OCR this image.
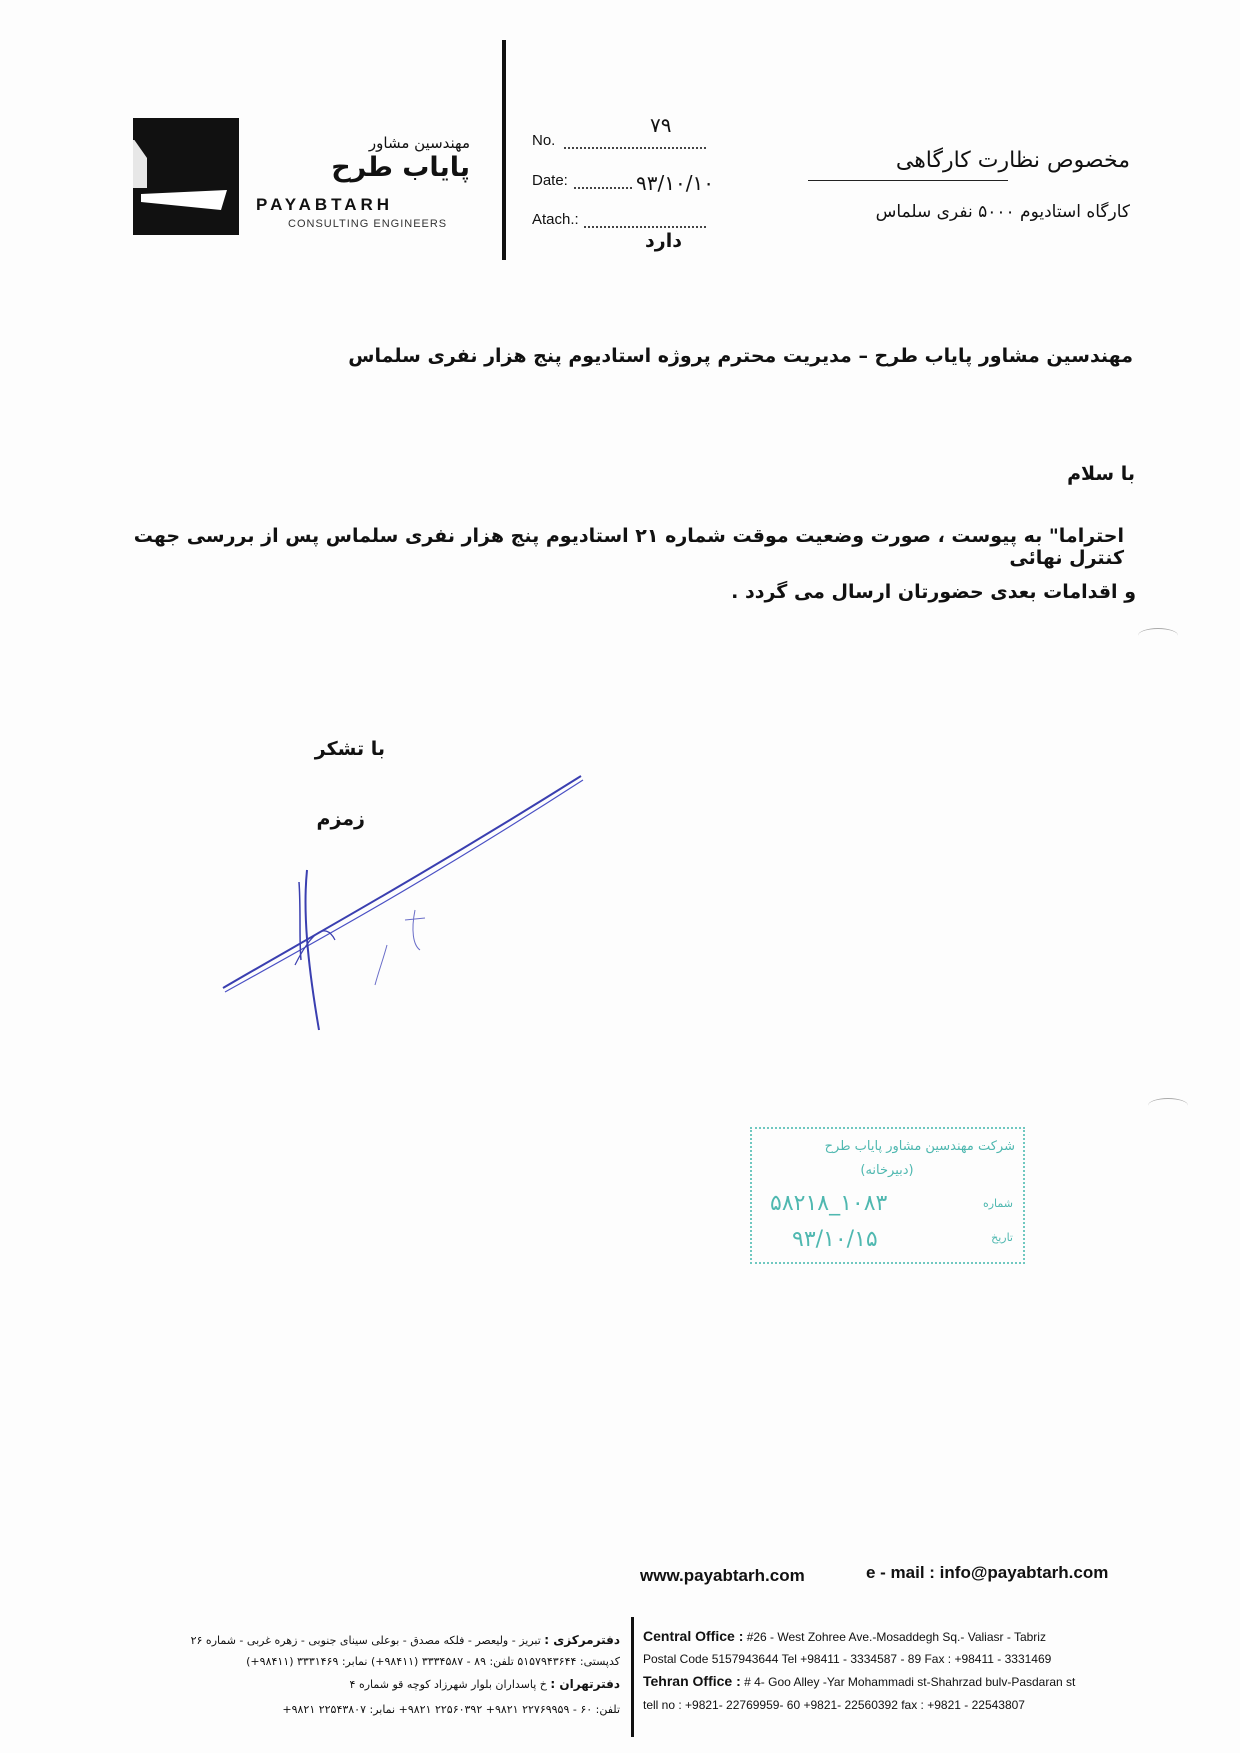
مهندسین مشاور
پایاب طرح
PAYABTARH
CONSULTING ENGINEERS
No.
۷۹
Date:	۹۳/۱۰/۱۰
Atach.:
دارد
مخصوص نظارت کارگاهی
کارگاه استادیوم ۵۰۰۰ نفری سلماس
مهندسین مشاور پایاب طرح – مدیریت محترم پروژه استادیوم پنج هزار نفری سلماس
با سلام
احتراما" به پیوست ، صورت وضعیت موقت شماره ۲۱ استادیوم پنج هزار نفری سلماس پس از بررسی جهت کنترل نهائی
و اقدامات بعدی حضورتان ارسال می گردد .
با تشکر
زمزم
شرکت مهندسین مشاور پایاب طرح
(دبیرخانه)
۱۰۸۳_۵۸۲۱۸
۹۳/۱۰/۱۵
شماره
تاریخ
www.payabtarh.com	e - mail : info@payabtarh.com
Central Office : #26 - West Zohree Ave.-Mosaddegh Sq.- Valiasr - Tabriz
Postal Code 5157943644 Tel +98411 - 3334587 - 89 Fax : +98411 - 3331469
Tehran Office : # 4- Goo Alley -Yar Mohammadi st-Shahrzad bulv-Pasdaran st
tell no : +9821- 22769959- 60 +9821- 22560392 fax : +9821 - 22543807
دفترمرکزی : تبریز - ولیعصر - فلکه مصدق - بوعلی سینای جنوبی - زهره غربی - شماره ۲۶
کدپستی: ۵۱۵۷۹۴۳۶۴۴ تلفن: ۸۹ - ۳۳۳۴۵۸۷ (۹۸۴۱۱+) نمابر: ۳۳۳۱۴۶۹ (۹۸۴۱۱+)
دفترتهران : خ پاسداران بلوار شهرزاد کوچه قو شماره ۴
تلفن: ۶۰ - ۲۲۷۶۹۹۵۹ ۹۸۲۱+ ۲۲۵۶۰۳۹۲ ۹۸۲۱+ نمابر: ۲۲۵۴۳۸۰۷ ۹۸۲۱+
